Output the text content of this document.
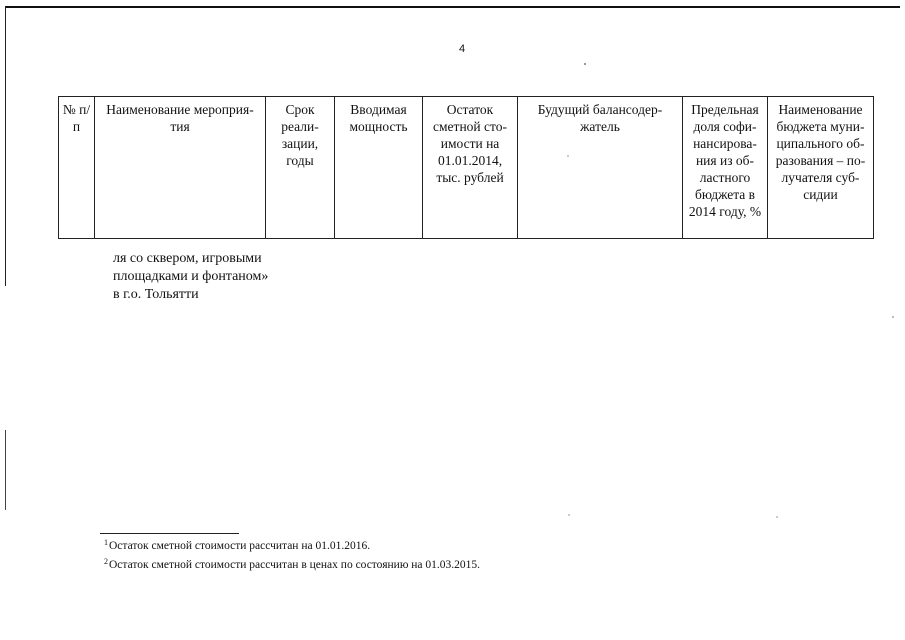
4
№ п/п	Наименование мероприя- тия	Срок реали- зации, годы	Вводимая мощность	Остаток сметной сто- имости на 01.01.2014, тыс. рублей	Будущий балансодер- жатель	Предельная доля софи- нансирова- ния из об- ластного бюджета в 2014 году, %	Наименование бюджета муни- ципального об- разования – по- лучателя суб- сидии
ля со сквером, игровыми
площадками и фонтаном»
в г.о. Тольятти
$^1$Остаток сметной стоимости рассчитан на 01.01.2016.
$^2$Остаток сметной стоимости рассчитан в ценах по состоянию на 01.03.2015.
